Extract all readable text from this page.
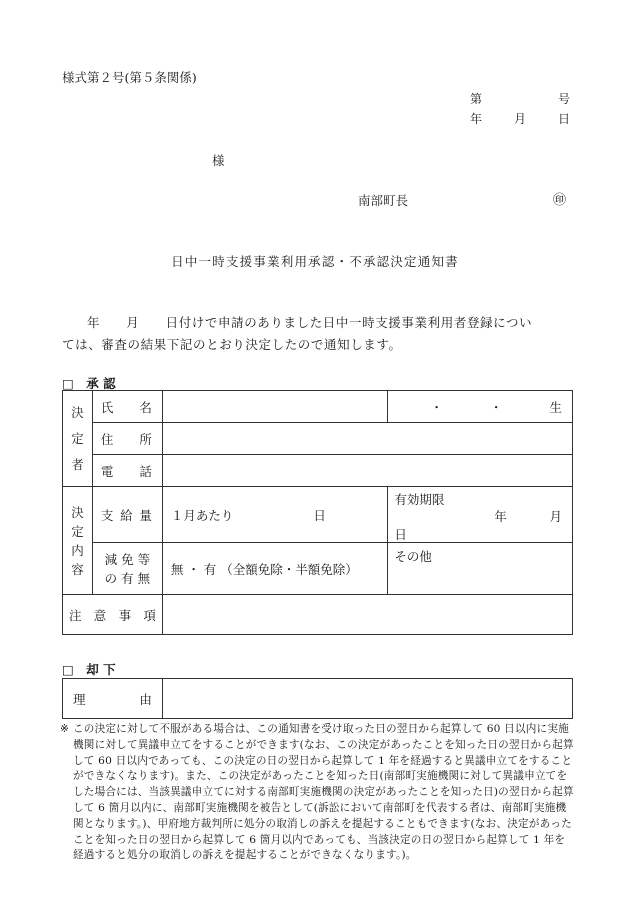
様式第２号(第５条関係)
第	号
年	月	日
様
南部町長	㊞
日中一時支援事業利用承認・不承認決定通知書
年　　月　　日付けで申請のありました日中一時支援事業利用者登録につい
ては、審査の結果下記のとおり決定したので通知します。
□　承 認
決定者	氏 名		・ ・ 生

	住 所		

	電 話		

決定内容	支 給 量	１月あたり 日	有効期限
年 月
日

	減 免 等
の 有 無	無 ・ 有 （全額免除・半額免除）	その他

注 意 事 項			

□　却 下
理	由

※ この決定に対して不服がある場合は、この通知書を受け取った日の翌日から起算して 60 日以内に実施機関に対して異議申立てをすることができます(なお、この決定があったことを知った日の翌日から起算して 60 日以内であっても、この決定の日の翌日から起算して 1 年を経過すると異議申立てをすることができなくなります)。また、この決定があったことを知った日(南部町実施機関に対して異議申立てをした場合には、当該異議申立てに対する南部町実施機関の決定があったことを知った日)の翌日から起算して 6 箇月以内に、南部町実施機関を被告として(訴訟において南部町を代表する者は、南部町実施機関となります。)、甲府地方裁判所に処分の取消しの訴えを提起することもできます(なお、決定があったことを知った日の翌日から起算して 6 箇月以内であっても、当該決定の日の翌日から起算して 1 年を経過すると処分の取消しの訴えを提起することができなくなります。)。
